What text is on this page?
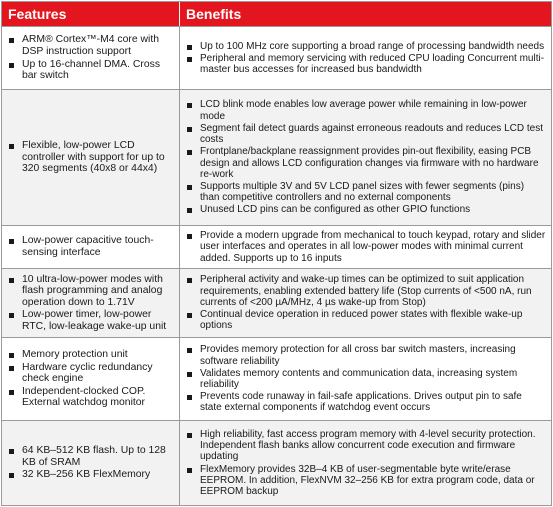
Features	Benefits
ARM® Cortex™-M4 core with DSP instruction support
Up to 16-channel DMA. Cross bar switch
Up to 100 MHz core supporting a broad range of processing bandwidth needs
Peripheral and memory servicing with reduced CPU loading Concurrent multi-master bus accesses for increased bus bandwidth
Flexible, low-power LCD controller with support for up to 320 segments (40x8 or 44x4)
LCD blink mode enables low average power while remaining in low-power mode
Segment fail detect guards against erroneous readouts and reduces LCD test costs
Frontplane/backplane reassignment provides pin-out flexibility, easing PCB design and allows LCD configuration changes via firmware with no hardware re-work
Supports multiple 3V and 5V LCD panel sizes with fewer segments (pins) than competitive controllers and no external components
Unused LCD pins can be configured as other GPIO functions
Low-power capacitive touch-sensing interface
Provide a modern upgrade from mechanical to touch keypad, rotary and slider user interfaces and operates in all low-power modes with minimal current added. Supports up to 16 inputs
10 ultra-low-power modes with flash programming and analog operation down to 1.71V
Low-power timer, low-power RTC, low-leakage wake-up unit
Peripheral activity and wake-up times can be optimized to suit application requirements, enabling extended battery life (Stop currents of <500 nA, run currents of <200 µA/MHz, 4 µs wake-up from Stop)
Continual device operation in reduced power states with flexible wake-up options
Memory protection unit
Hardware cyclic redundancy check engine
Independent-clocked COP. External watchdog monitor
Provides memory protection for all cross bar switch masters, increasing software reliability
Validates memory contents and communication data, increasing system reliability
Prevents code runaway in fail-safe applications. Drives output pin to safe state external components if watchdog event occurs
64 KB–512 KB flash. Up to 128 KB of SRAM
32 KB–256 KB FlexMemory
High reliability, fast access program memory with 4-level security protection. Independent flash banks allow concurrent code execution and firmware updating
FlexMemory provides 32B–4 KB of user-segmentable byte write/erase EEPROM. In addition, FlexNVM 32–256 KB for extra program code, data or EEPROM backup
